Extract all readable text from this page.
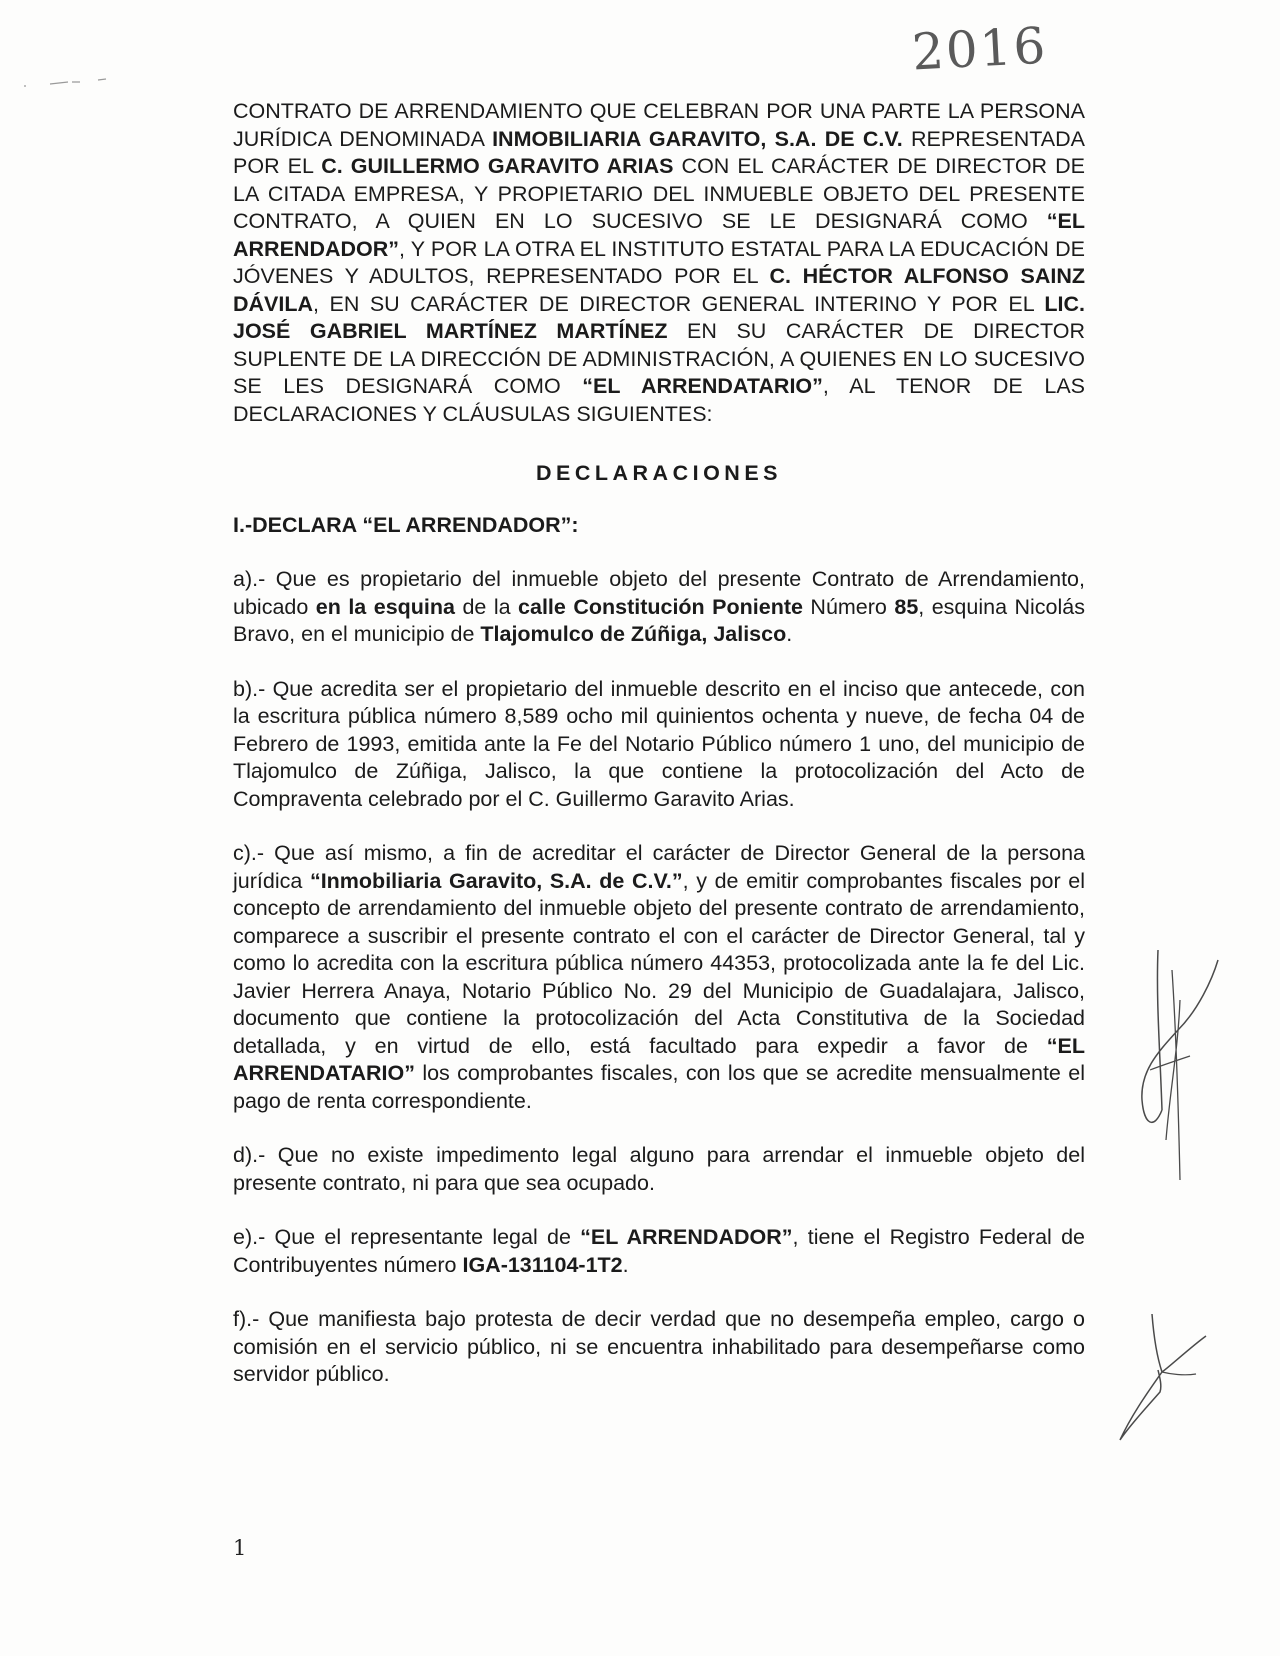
2016

CONTRATO DE ARRENDAMIENTO QUE CELEBRAN POR UNA PARTE LA PERSONA JURÍDICA DENOMINADA INMOBILIARIA GARAVITO, S.A. DE C.V. REPRESENTADA POR EL C. GUILLERMO GARAVITO ARIAS CON EL CARÁCTER DE DIRECTOR DE LA CITADA EMPRESA, Y PROPIETARIO DEL INMUEBLE OBJETO DEL PRESENTE CONTRATO, A QUIEN EN LO SUCESIVO SE LE DESIGNARÁ COMO “EL ARRENDADOR”, Y POR LA OTRA EL INSTITUTO ESTATAL PARA LA EDUCACIÓN DE JÓVENES Y ADULTOS, REPRESENTADO POR EL C. HÉCTOR ALFONSO SAINZ DÁVILA, EN SU CARÁCTER DE DIRECTOR GENERAL INTERINO Y POR EL LIC. JOSÉ GABRIEL MARTÍNEZ MARTÍNEZ EN SU CARÁCTER DE DIRECTOR SUPLENTE DE LA DIRECCIÓN DE ADMINISTRACIÓN, A QUIENES EN LO SUCESIVO SE LES DESIGNARÁ COMO “EL ARRENDATARIO”, AL TENOR DE LAS DECLARACIONES Y CLÁUSULAS SIGUIENTES:

DECLARACIONES

I.-DECLARA “EL ARRENDADOR”:

a).- Que es propietario del inmueble objeto del presente Contrato de Arrendamiento, ubicado en la esquina de la calle Constitución Poniente Número 85, esquina Nicolás Bravo, en el municipio de Tlajomulco de Zúñiga, Jalisco.

b).- Que acredita ser el propietario del inmueble descrito en el inciso que antecede, con la escritura pública número 8,589 ocho mil quinientos ochenta y nueve, de fecha 04 de Febrero de 1993, emitida ante la Fe del Notario Público número 1 uno, del municipio de Tlajomulco de Zúñiga, Jalisco, la que contiene la protocolización del Acto de Compraventa celebrado por el C. Guillermo Garavito Arias.

c).- Que así mismo, a fin de acreditar el carácter de Director General de la persona jurídica “Inmobiliaria Garavito, S.A. de C.V.”, y de emitir comprobantes fiscales por el concepto de arrendamiento del inmueble objeto del presente contrato de arrendamiento, comparece a suscribir el presente contrato el con el carácter de Director General, tal y como lo acredita con la escritura pública número 44353, protocolizada ante la fe del Lic. Javier Herrera Anaya, Notario Público No. 29 del Municipio de Guadalajara, Jalisco, documento que contiene la protocolización del Acta Constitutiva de la Sociedad detallada, y en virtud de ello, está facultado para expedir a favor de “EL ARRENDATARIO” los comprobantes fiscales, con los que se acredite mensualmente el pago de renta correspondiente.

d).- Que no existe impedimento legal alguno para arrendar el inmueble objeto del presente contrato, ni para que sea ocupado.

e).- Que el representante legal de “EL ARRENDADOR”, tiene el Registro Federal de Contribuyentes número IGA-131104-1T2.

f).- Que manifiesta bajo protesta de decir verdad que no desempeña empleo, cargo o comisión en el servicio público, ni se encuentra inhabilitado para desempeñarse como servidor público.

1
